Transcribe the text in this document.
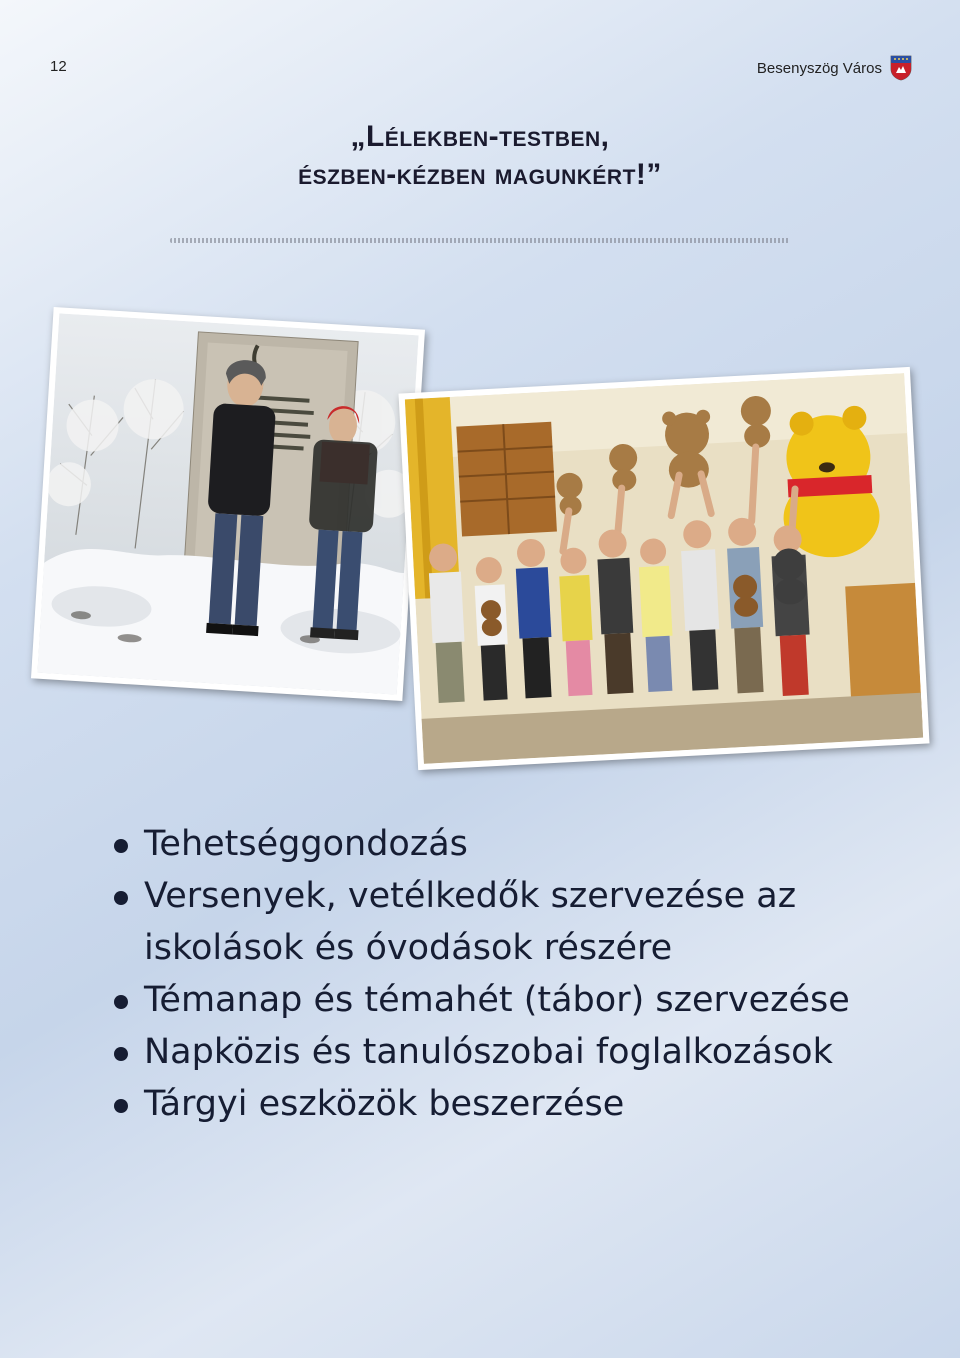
12	Besenyszög Város
„Lélekben-testben,
észben-kézben magunkért!”
Tehetséggondozás
Versenyek, vetélkedők szervezése az iskolások és óvodások részére
Témanap és témahét (tábor) szervezése
Napközis és tanulószobai foglalkozások
Tárgyi eszközök beszerzése
